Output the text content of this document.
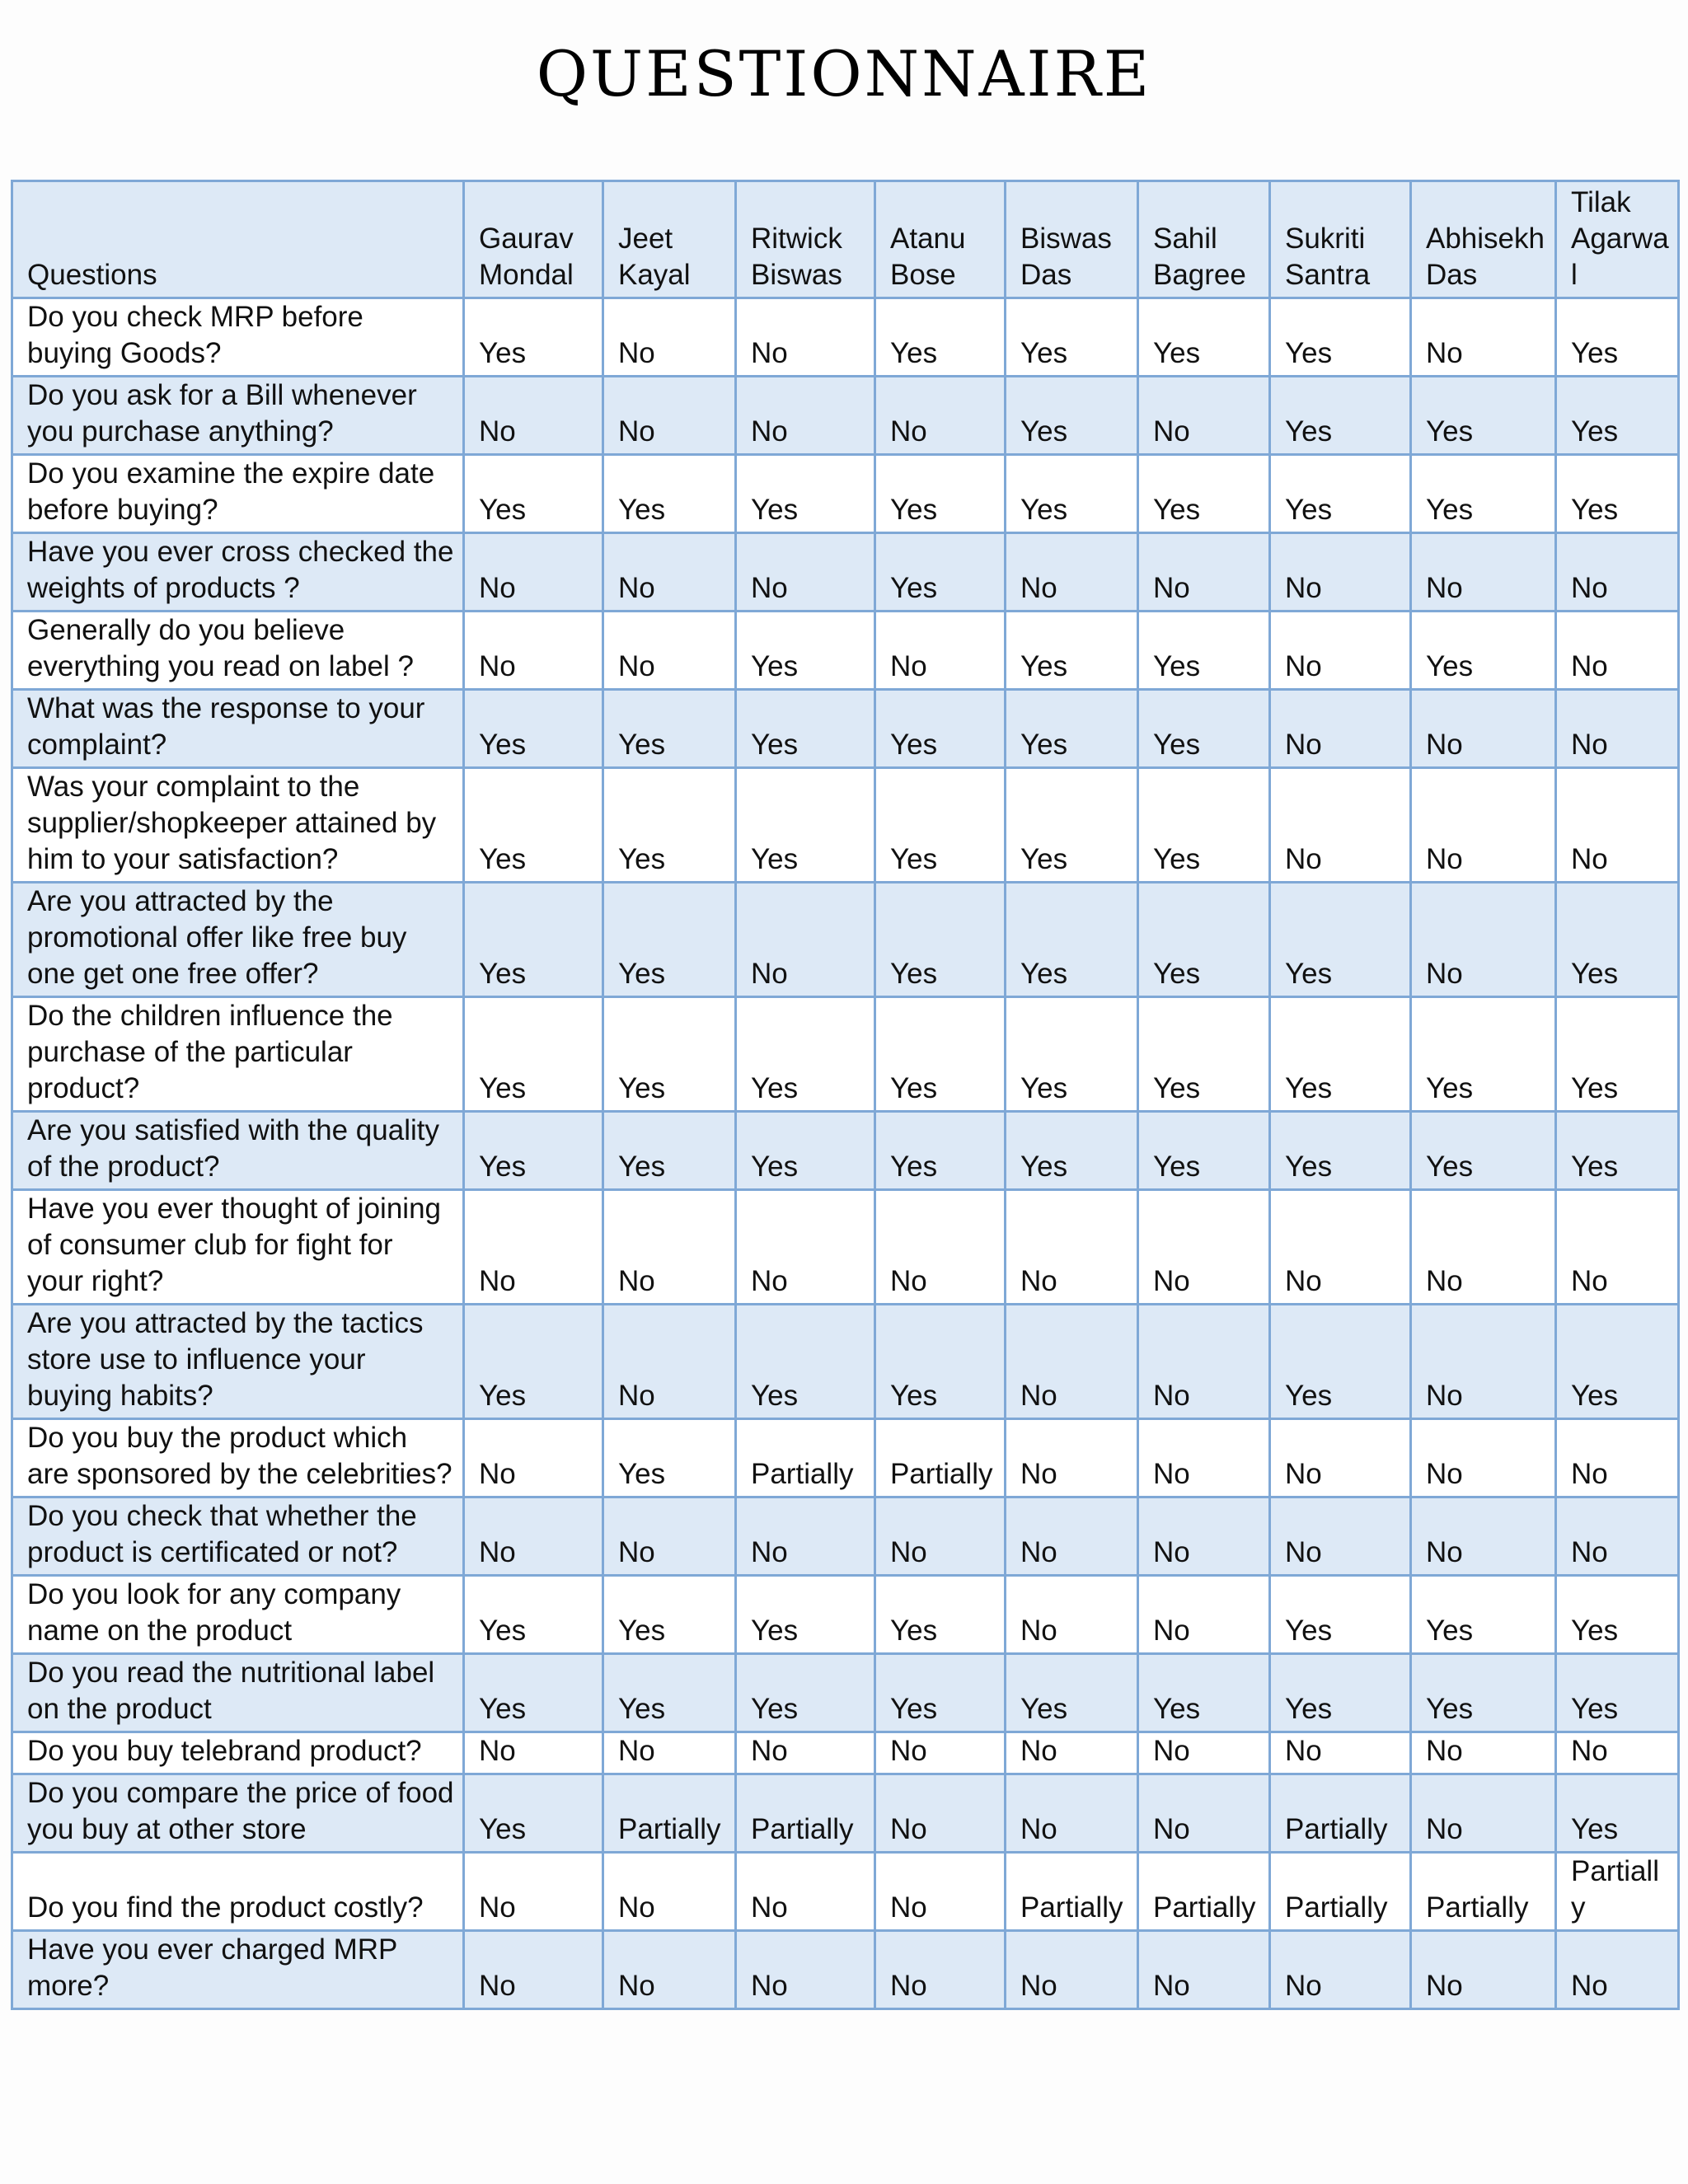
QUESTIONNAIRE
Questions	Gaurav Mondal	Jeet Kayal	Ritwick Biswas	Atanu Bose	Biswas Das	Sahil Bagree	Sukriti Santra	Abhisekh Das	Tilak Agarwal
Do you check MRP before buying Goods?	Yes	No	No	Yes	Yes	Yes	Yes	No	Yes
Do you ask for a Bill whenever you purchase anything?	No	No	No	No	Yes	No	Yes	Yes	Yes
Do you examine the expire date before buying?	Yes	Yes	Yes	Yes	Yes	Yes	Yes	Yes	Yes
Have you ever cross checked the weights of products ?	No	No	No	Yes	No	No	No	No	No
Generally do you believe everything you read on label ?	No	No	Yes	No	Yes	Yes	No	Yes	No
What was the response to your complaint?	Yes	Yes	Yes	Yes	Yes	Yes	No	No	No
Was your complaint to the supplier/shopkeeper attained by him to your satisfaction?	Yes	Yes	Yes	Yes	Yes	Yes	No	No	No
Are you attracted by the promotional offer like free buy one get one free offer?	Yes	Yes	No	Yes	Yes	Yes	Yes	No	Yes
Do the children influence the purchase of the particular product?	Yes	Yes	Yes	Yes	Yes	Yes	Yes	Yes	Yes
Are you satisfied with the quality of the product?	Yes	Yes	Yes	Yes	Yes	Yes	Yes	Yes	Yes
Have you ever thought of joining of consumer club for fight for your right?	No	No	No	No	No	No	No	No	No
Are you attracted by the tactics store use to influence your buying habits?	Yes	No	Yes	Yes	No	No	Yes	No	Yes
Do you buy the product which are sponsored by the celebrities?	No	Yes	Partially	Partially	No	No	No	No	No
Do you check that whether the product is certificated or not?	No	No	No	No	No	No	No	No	No
Do you look for any company name on the product	Yes	Yes	Yes	Yes	No	No	Yes	Yes	Yes
Do you read the nutritional label on the product	Yes	Yes	Yes	Yes	Yes	Yes	Yes	Yes	Yes
Do you buy telebrand product?	No	No	No	No	No	No	No	No	No
Do you compare the price of food you buy at other store	Yes	Partially	Partially	No	No	No	Partially	No	Yes
Do you find the product costly?	No	No	No	No	Partially	Partially	Partially	Partially	Partially
Have you ever charged MRP more?	No	No	No	No	No	No	No	No	No
